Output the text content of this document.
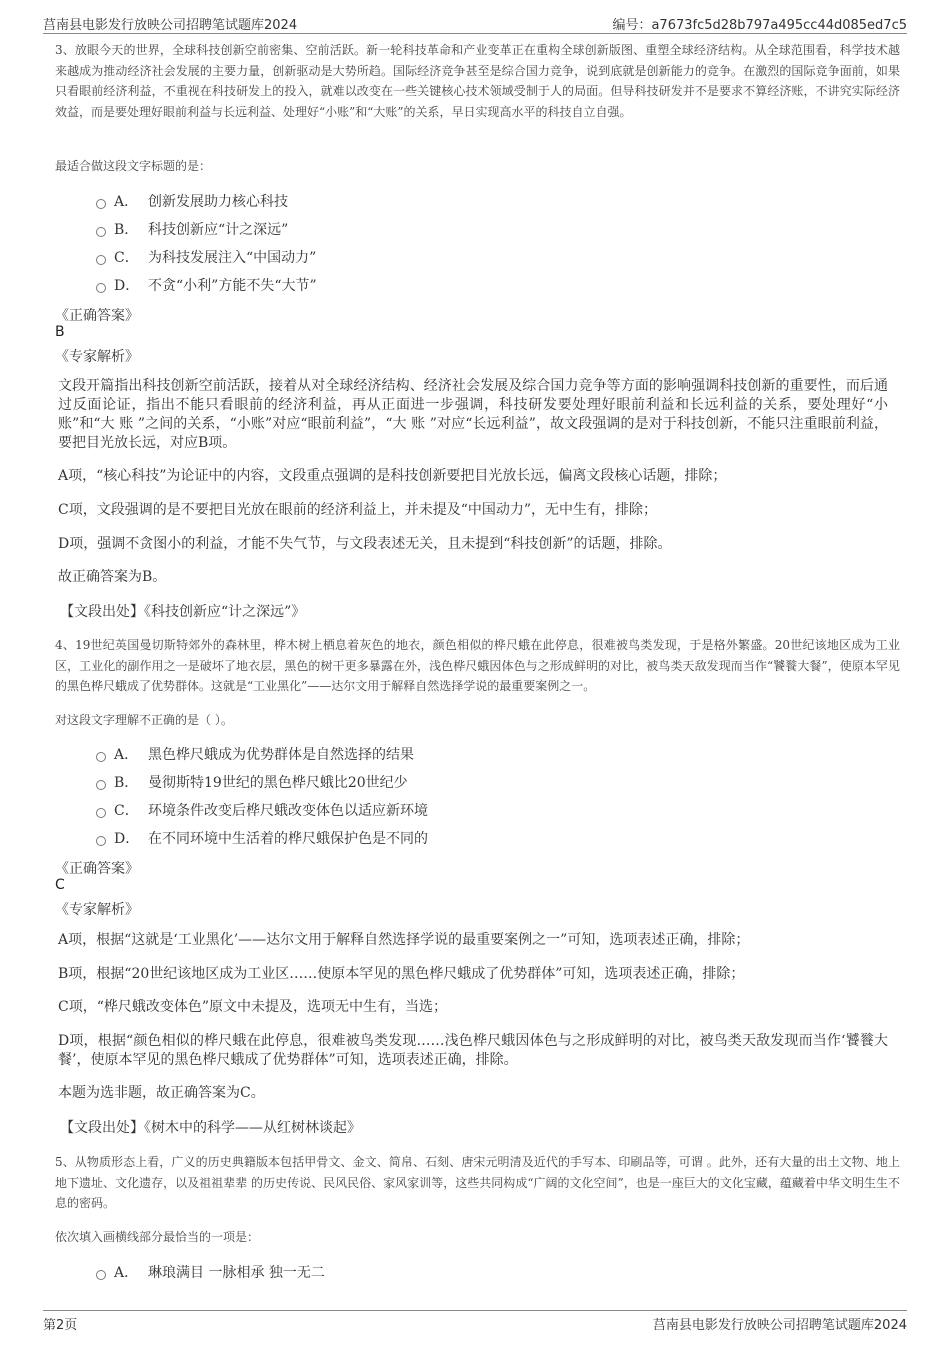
莒南县电影发行放映公司招聘笔试题库2024	编号：a7673fc5d28b797a495cc44d085ed7c5
3、放眼今天的世界，全球科技创新空前密集、空前活跃。新一轮科技革命和产业变革正在重构全球创新版图、重塑全球经济结构。从全球范围看，科学技术越来越成为推动经济社会发展的主要力量，创新驱动是大势所趋。国际经济竞争甚至是综合国力竞争，说到底就是创新能力的竞争。在激烈的国际竞争面前，如果只看眼前经济利益，不重视在科技研发上的投入，就难以改变在一些关键核心技术领域受制于人的局面。但导科技研发并不是要求不算经济账，不讲究实际经济效益，而是要处理好眼前利益与长远利益、处理好“小账”和“大账”的关系，早日实现高水平的科技自立自强。
最适合做这段文字标题的是：
A． 创新发展助力核心科技
B． 科技创新应“计之深远”
C． 为科技发展注入“中国动力”
D． 不贪“小利”方能不失“大节”
《正确答案》
B
《专家解析》
文段开篇指出科技创新空前活跃，接着从对全球经济结构、经济社会发展及综合国力竞争等方面的影响强调科技创新的重要性，而后通过反面论证，指出不能只看眼前的经济利益，再从正面进一步强调，科技研发要处理好眼前利益和长远利益的关系，要处理好“小账”和“大 账 ”之间的关系，“小账”对应“眼前利益”，“大 账 ”对应“长远利益”，故文段强调的是对于科技创新，不能只注重眼前利益，要把目光放长远，对应B项。
A项，“核心科技”为论证中的内容，文段重点强调的是科技创新要把目光放长远，偏离文段核心话题，排除；
C项，文段强调的是不要把目光放在眼前的经济利益上，并未提及“中国动力”，无中生有，排除；
D项，强调不贪图小的利益，才能不失气节，与文段表述无关，且未提到“科技创新”的话题，排除。
故正确答案为B。
【文段出处】《科技创新应“计之深远”》
4、19世纪英国曼切斯特郊外的森林里，桦木树上栖息着灰色的地衣，颜色相似的桦尺蛾在此停息，很难被鸟类发现，于是格外繁盛。20世纪该地区成为工业区，工业化的副作用之一是破坏了地衣层，黑色的树干更多暴露在外，浅色桦尺蛾因体色与之形成鲜明的对比，被鸟类天敌发现而当作“饕餮大餐”，使原本罕见的黑色桦尺蛾成了优势群体。这就是“工业黑化”——达尔文用于解释自然选择学说的最重要案例之一。
对这段文字理解不正确的是（ ）。
A． 黑色桦尺蛾成为优势群体是自然选择的结果
B． 曼彻斯特19世纪的黑色桦尺蛾比20世纪少
C． 环境条件改变后桦尺蛾改变体色以适应新环境
D． 在不同环境中生活着的桦尺蛾保护色是不同的
《正确答案》
C
《专家解析》
A项，根据“这就是‘工业黑化’——达尔文用于解释自然选择学说的最重要案例之一”可知，选项表述正确，排除；
B项，根据“20世纪该地区成为工业区……使原本罕见的黑色桦尺蛾成了优势群体”可知，选项表述正确，排除；
C项，“桦尺蛾改变体色”原文中未提及，选项无中生有，当选；
D项，根据“颜色相似的桦尺蛾在此停息，很难被鸟类发现……浅色桦尺蛾因体色与之形成鲜明的对比，被鸟类天敌发现而当作‘饕餮大餐’，使原本罕见的黑色桦尺蛾成了优势群体”可知，选项表述正确，排除。
本题为选非题，故正确答案为C。
【文段出处】《树木中的科学——从红树林谈起》
5、从物质形态上看，广义的历史典籍版本包括甲骨文、金文、简帛、石刻、唐宋元明清及近代的手写本、印刷品等，可谓 。此外，还有大量的出土文物、地上地下遗址、文化遗存，以及祖祖辈辈 的历史传说、民风民俗、家风家训等，这些共同构成“广阔的文化空间”，也是一座巨大的文化宝藏，蕴藏着中华文明生生不息的密码。
依次填入画横线部分最恰当的一项是：
A． 琳琅满目 一脉相承 独一无二
第2页	莒南县电影发行放映公司招聘笔试题库2024
